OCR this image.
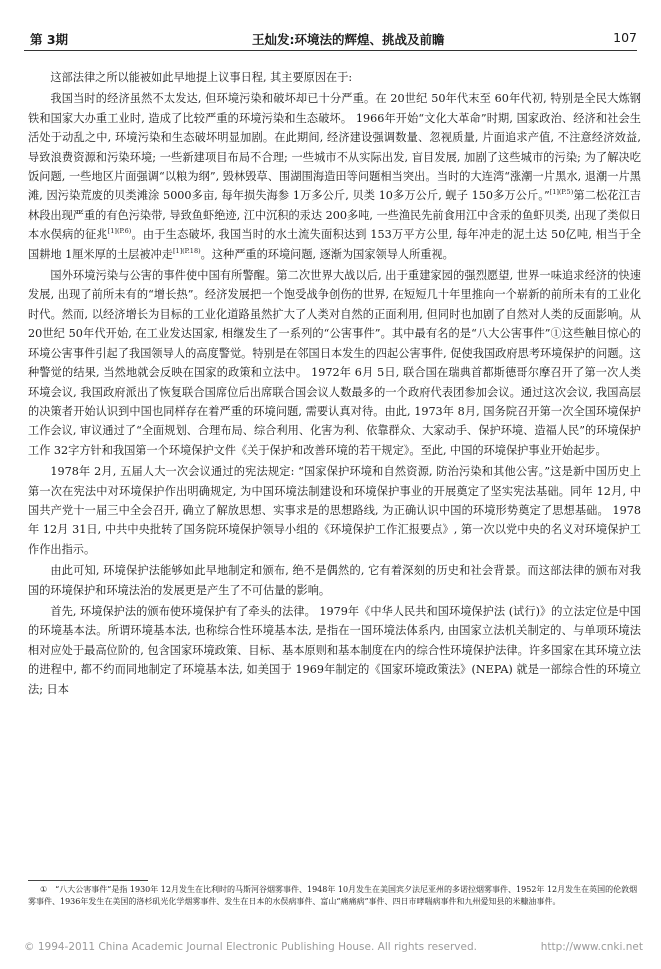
第 3期	王灿发:环境法的辉煌、挑战及前瞻	107

这部法律之所以能被如此早地提上议事日程, 其主要原因在于:

我国当时的经济虽然不太发达, 但环境污染和破坏却已十分严重。在 20世纪 50年代末至 60年代初, 特别是全民大炼钢铁和国家大办重工业时, 造成了比较严重的环境污染和生态破坏。 1966年开始“文化大革命”时期, 国家政治、经济和社会生活处于动乱之中, 环境污染和生态破坏明显加剧。在此期间, 经济建设强调数量、忽视质量, 片面追求产值, 不注意经济效益, 导致浪费资源和污染环境; 一些新建项目布局不合理; 一些城市不从实际出发, 盲目发展, 加剧了这些城市的污染; 为了解决吃饭问题, 一些地区片面强调“以粮为纲”, 毁林毁草、围湖围海造田等问题相当突出。当时的大连湾“涨潮一片黑水, 退潮一片黑滩, 因污染荒废的贝类滩涂 5000多亩, 每年损失海参 1万多公斤, 贝类 10多万公斤, 蚬子 150多万公斤。”$^{[1](P.5)}$第二松花江吉林段出现严重的有色污染带, 导致鱼虾绝迹, 江中沉积的汞达 200多吨, 一些渔民先前食用江中含汞的鱼虾贝类, 出现了类似日本水俣病的征兆$^{[1](P.6)}$。由于生态破坏, 我国当时的水土流失面积达到 153万平方公里, 每年冲走的泥土达 50亿吨, 相当于全国耕地 1厘米厚的土层被冲走$^{[1](P.18)}$。这种严重的环境问题, 逐渐为国家领导人所重视。

国外环境污染与公害的事件使中国有所警醒。第二次世界大战以后, 出于重建家园的强烈愿望, 世界一味追求经济的快速发展, 出现了前所未有的“增长热”。经济发展把一个饱受战争创伤的世界, 在短短几十年里推向一个崭新的前所未有的工业化时代。然而, 以经济增长为目标的工业化道路虽然扩大了人类对自然的正面利用, 但同时也加剧了自然对人类的反面影响。从 20世纪 50年代开始, 在工业发达国家, 相继发生了一系列的“公害事件”。其中最有名的是“八大公害事件”①这些触目惊心的环境公害事件引起了我国领导人的高度警觉。特别是在邻国日本发生的四起公害事件, 促使我国政府思考环境保护的问题。这种警觉的结果, 当然地就会反映在国家的政策和立法中。 1972年 6月 5日, 联合国在瑞典首都斯德哥尔摩召开了第一次人类环境会议, 我国政府派出了恢复联合国席位后出席联合国会议人数最多的一个政府代表团参加会议。通过这次会议, 我国高层的决策者开始认识到中国也同样存在着严重的环境问题, 需要认真对待。由此, 1973年 8月, 国务院召开第一次全国环境保护工作会议, 审议通过了“全面规划、合理布局、综合利用、化害为利、依靠群众、大家动手、保护环境、造福人民”的环境保护工作 32字方针和我国第一个环境保护文件《关于保护和改善环境的若干规定》。至此, 中国的环境保护事业开始起步。

1978年 2月, 五届人大一次会议通过的宪法规定: “国家保护环境和自然资源, 防治污染和其他公害。”这是新中国历史上第一次在宪法中对环境保护作出明确规定, 为中国环境法制建设和环境保护事业的开展奠定了坚实宪法基础。同年 12月, 中国共产党十一届三中全会召开, 确立了解放思想、实事求是的思想路线, 为正确认识中国的环境形势奠定了思想基础。 1978年 12月 31日, 中共中央批转了国务院环境保护领导小组的《环境保护工作汇报要点》, 第一次以党中央的名义对环境保护工作作出指示。

由此可知, 环境保护法能够如此早地制定和颁布, 绝不是偶然的, 它有着深刻的历史和社会背景。而这部法律的颁布对我国的环境保护和环境法治的发展更是产生了不可估量的影响。

首先, 环境保护法的颁布使环境保护有了牵头的法律。 1979年《中华人民共和国环境保护法 (试行)》的立法定位是中国的环境基本法。所谓环境基本法, 也称综合性环境基本法, 是指在一国环境法体系内, 由国家立法机关制定的、与单项环境法相对应处于最高位阶的, 包含国家环境政策、目标、基本原则和基本制度在内的综合性环境保护法律。许多国家在其环境立法的进程中, 都不约而同地制定了环境基本法, 如美国于 1969年制定的《国家环境政策法》(NEPA) 就是一部综合性的环境立法; 日本

① “八大公害事件”是指 1930年 12月发生在比利时的马斯河谷烟雾事件、1948年 10月发生在美国宾夕法尼亚州的多诺拉烟雾事件、1952年 12月发生在英国的伦敦烟雾事件、1936年发生在美国的洛杉矶光化学烟雾事件、发生在日本的水俣病事件、富山“痛痛病”事件、四日市哮喘病事件和九州爱知县的米糠油事件。
© 1994-2011 China Academic Journal Electronic Publishing House. All rights reserved.	http://www.cnki.net
